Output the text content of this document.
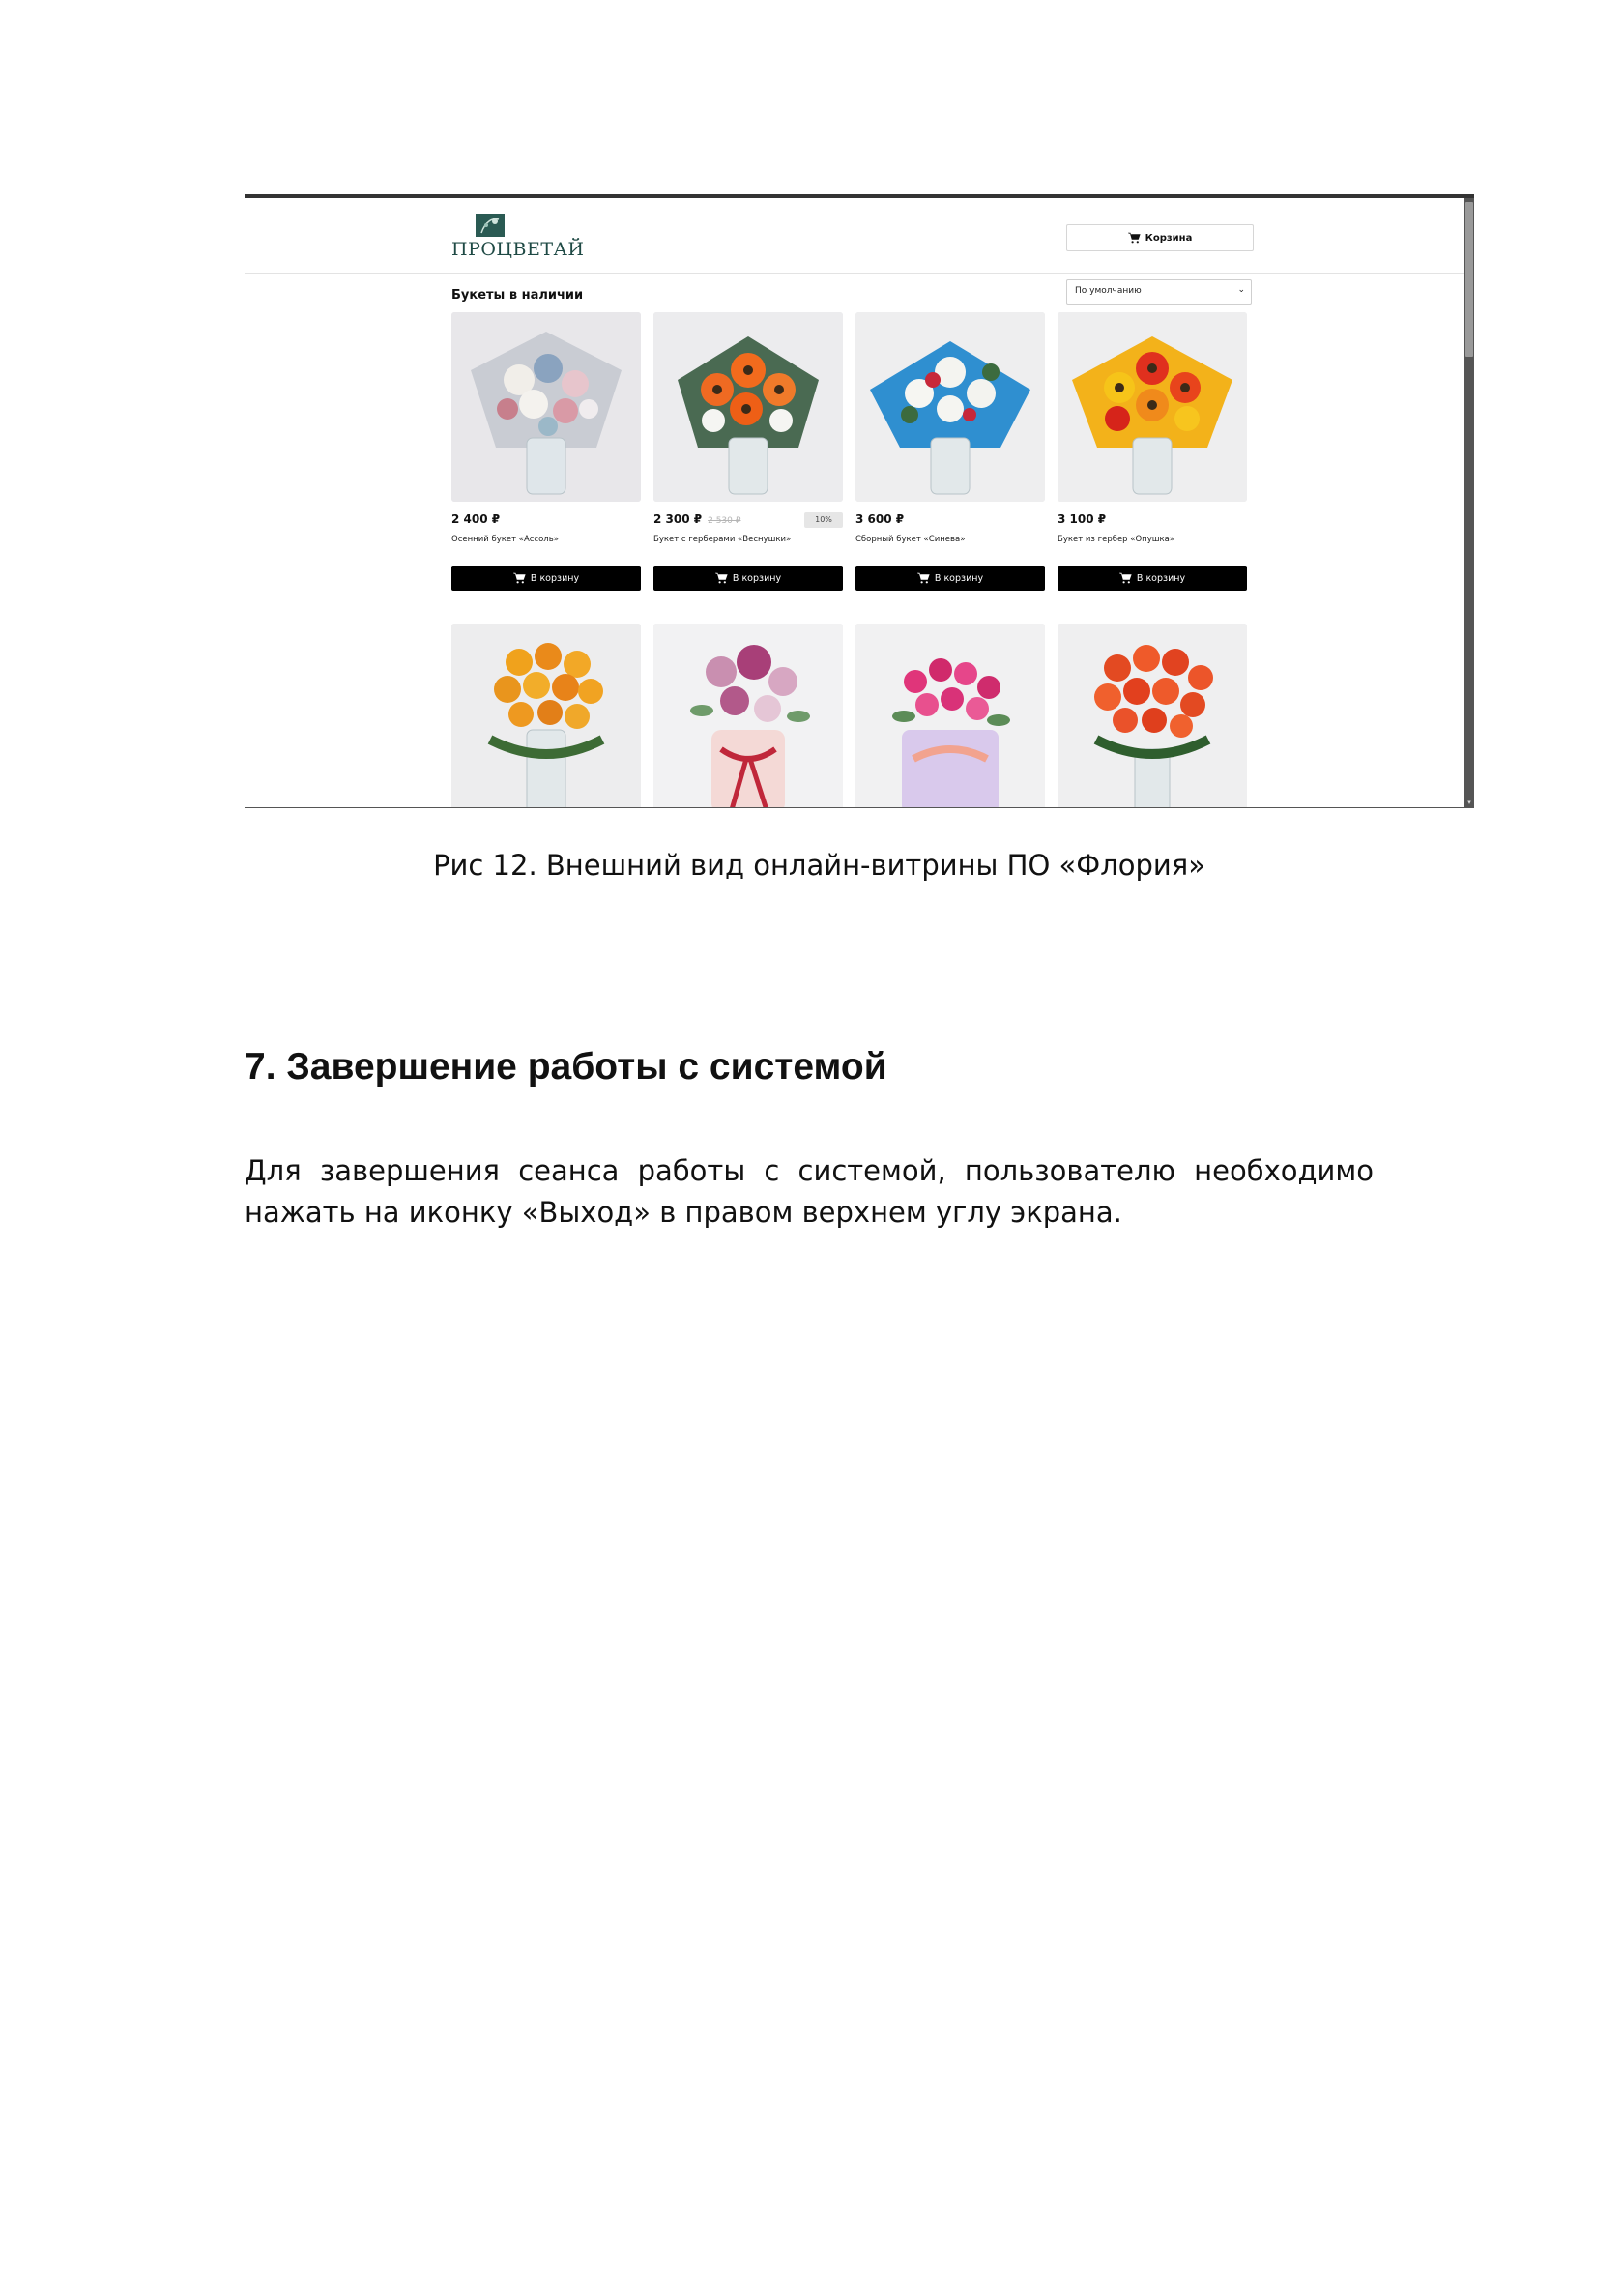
ПРОЦВЕТАЙ
Корзина
Букеты в наличии	По умолчанию	⌄
2 400 ₽
Осенний букет «Ассоль»
В корзину
2 300 ₽ 2 530 ₽	10%
Букет с герберами «Веснушки»
В корзину
3 600 ₽
Сборный букет «Синева»
В корзину
3 100 ₽
Букет из гербер «Опушка»
В корзину
▾
Рис 12. Внешний вид онлайн-витрины ПО «Флория»
7. Завершение работы с системой
Для завершения сеанса работы с системой, пользователю необходимо нажать на иконку «Выход» в правом верхнем углу экрана.
